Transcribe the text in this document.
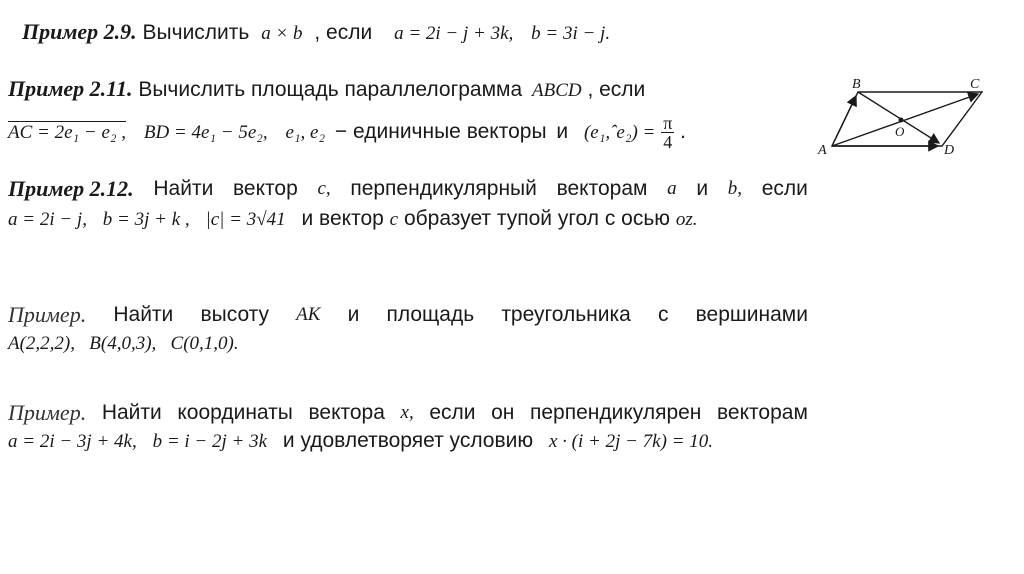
Пример 2.9. Вычислить a × b , если a = 2i − j + 3k, b = 3i − j.
Пример 2.11. Вычислить площадь параллелограмма ABCD , если
AC = 2e₁ − e₂ , BD = 4e₁ − 5e₂, e₁, e₂ − единичные векторы и (e₁,ˆe₂) = $\frac{\pi}{4}$ .
A
B	C
D
O
Пример 2.12. Найти вектор c, перпендикулярный векторам a и b, если
a = 2i − j, b = 3j + k , |c| = 3√41 и вектор c образует тупой угол с осью oz.
Пример. Найти высоту АК и площадь треугольника с вершинами
A(2,2,2),   B(4,0,3),   C(0,1,0).
Пример. Найти координаты вектора x, если он перпендикулярен векторам
a = 2i − 3j + 4k, b = i − 2j + 3k и удовлетворяет условию x · (i + 2j − 7k) = 10.
